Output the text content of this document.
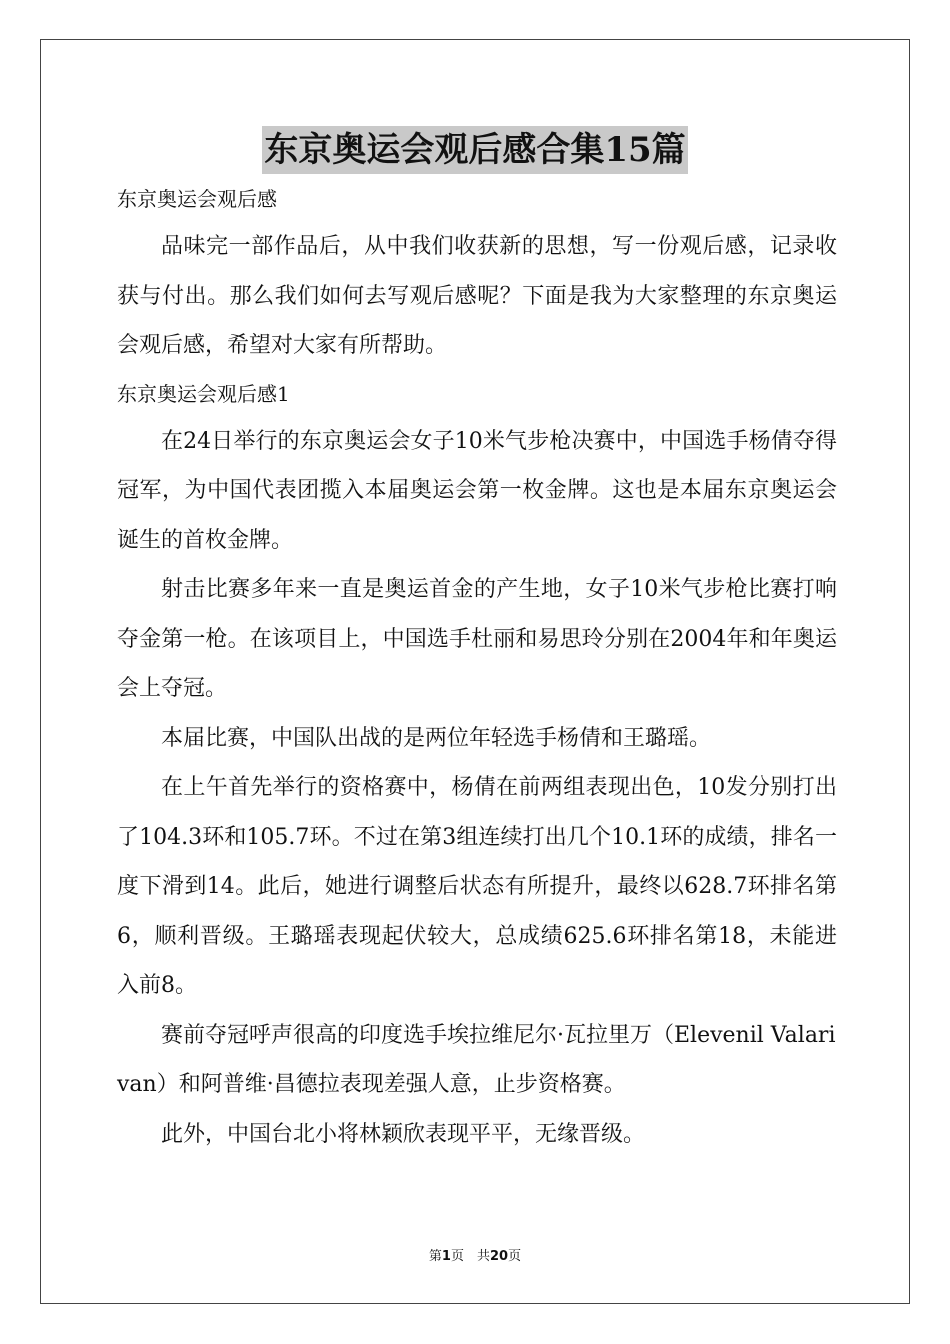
东京奥运会观后感合集15篇

东京奥运会观后感

品味完一部作品后，从中我们收获新的思想，写一份观后感，记录收获与付出。那么我们如何去写观后感呢？下面是我为大家整理的东京奥运会观后感，希望对大家有所帮助。

东京奥运会观后感1

在24日举行的东京奥运会女子10米气步枪决赛中，中国选手杨倩夺得冠军，为中国代表团揽入本届奥运会第一枚金牌。这也是本届东京奥运会诞生的首枚金牌。

射击比赛多年来一直是奥运首金的产生地，女子10米气步枪比赛打响夺金第一枪。在该项目上，中国选手杜丽和易思玲分别在2004年和年奥运会上夺冠。

本届比赛，中国队出战的是两位年轻选手杨倩和王璐瑶。

在上午首先举行的资格赛中，杨倩在前两组表现出色，10发分别打出了104.3环和105.7环。不过在第3组连续打出几个10.1环的成绩，排名一度下滑到14。此后，她进行调整后状态有所提升，最终以628.7环排名第6，顺利晋级。王璐瑶表现起伏较大，总成绩625.6环排名第18，未能进入前8。

赛前夺冠呼声很高的印度选手埃拉维尼尔·瓦拉里万（Elevenil Valarivan）和阿普维·昌德拉表现差强人意，止步资格赛。

此外，中国台北小将林颖欣表现平平，无缘晋级。

第1页　共20页
